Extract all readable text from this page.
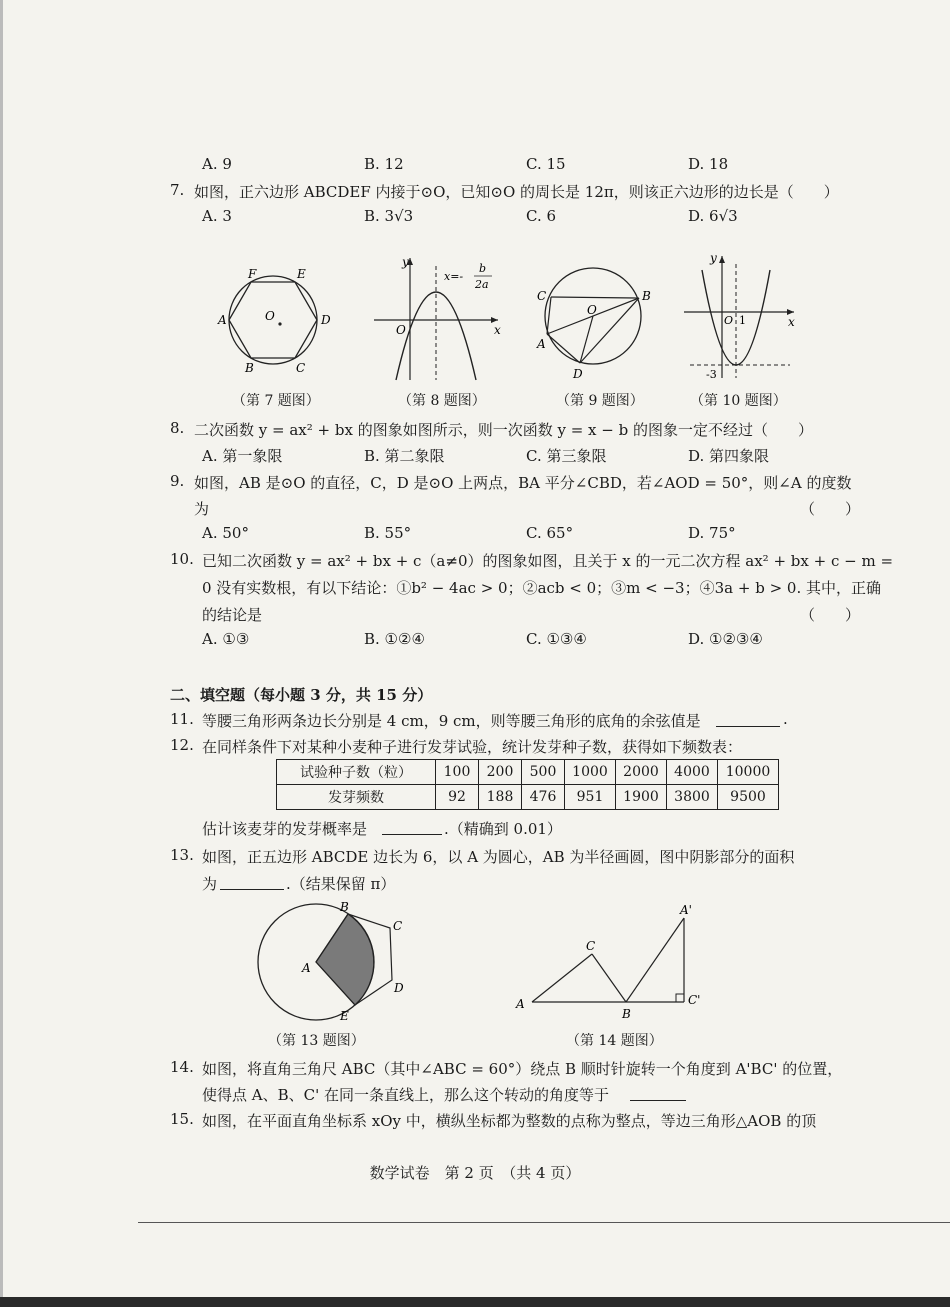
A. 9	B. 12	C. 15	D. 18
7. 如图，正六边形 ABCDEF 内接于⊙O，已知⊙O 的周长是 12π，则该正六边形的边长是（　　）
A. 3	B. 3√3	C. 6	D. 6√3
F	E
A	D
B	C
O
y
x
O
x=-
b
2a
C	B
O
A
D
y
x
O 1
-3
（第 7 题图）	（第 8 题图）	（第 9 题图）	（第 10 题图）
8. 二次函数 y = ax² + bx 的图象如图所示，则一次函数 y = x − b 的图象一定不经过（　　）
A. 第一象限	B. 第二象限	C. 第三象限	D. 第四象限
9. 如图，AB 是⊙O 的直径，C，D 是⊙O 上两点，BA 平分∠CBD，若∠AOD = 50°，则∠A 的度数
为	（　　）
A. 50°	B. 55°	C. 65°	D. 75°
10. 已知二次函数 y = ax² + bx + c（a≠0）的图象如图，且关于 x 的一元二次方程 ax² + bx + c − m =
0 没有实数根，有以下结论：①b² − 4ac > 0；②acb < 0；③m < −3；④3a + b > 0. 其中，正确
的结论是	（　　）
A. ①③	B. ①②④	C. ①③④	D. ①②③④
二、填空题（每小题 3 分，共 15 分）
11. 等腰三角形两条边长分别是 4 cm，9 cm，则等腰三角形的底角的余弦值是	.
12. 在同样条件下对某种小麦种子进行发芽试验，统计发芽种子数，获得如下频数表：
试验种子数（粒）	100	200	500	1000	2000	4000	10000
发芽频数	92	188	476	951	1900	3800	9500
估计该麦芽的发芽概率是	.（精确到 0.01）
13. 如图，正五边形 ABCDE 边长为 6，以 A 为圆心，AB 为半径画圆，图中阴影部分的面积
为	.（结果保留 π）
A
B
C
D
E
A
B
C
A'
C'
（第 13 题图）	（第 14 题图）
14. 如图，将直角三角尺 ABC（其中∠ABC = 60°）绕点 B 顺时针旋转一个角度到 A'BC' 的位置，
使得点 A、B、C' 在同一条直线上，那么这个转动的角度等于
15. 如图，在平面直角坐标系 xOy 中，横纵坐标都为整数的点称为整点，等边三角形△AOB 的顶
数学试卷　第 2 页　（共 4 页）
